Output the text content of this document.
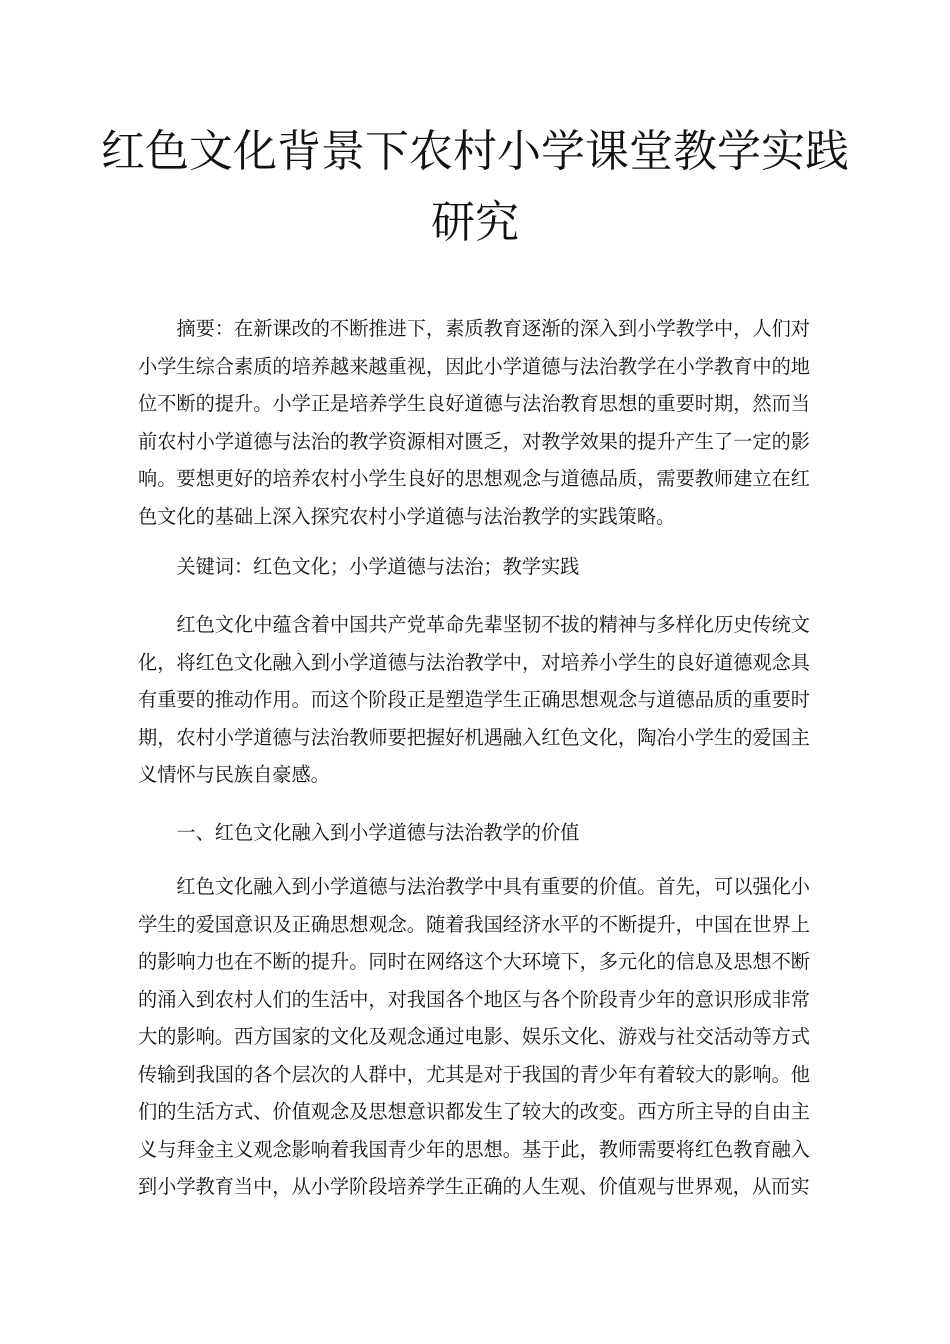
红色文化背景下农村小学课堂教学实践
研究

摘要：在新课改的不断推进下，素质教育逐渐的深入到小学教学中，人们对小学生综合素质的培养越来越重视，因此小学道德与法治教学在小学教育中的地位不断的提升。小学正是培养学生良好道德与法治教育思想的重要时期，然而当前农村小学道德与法治的教学资源相对匮乏，对教学效果的提升产生了一定的影响。要想更好的培养农村小学生良好的思想观念与道德品质，需要教师建立在红色文化的基础上深入探究农村小学道德与法治教学的实践策略。

关键词：红色文化；小学道德与法治；教学实践

红色文化中蕴含着中国共产党革命先辈坚韧不拔的精神与多样化历史传统文化，将红色文化融入到小学道德与法治教学中，对培养小学生的良好道德观念具有重要的推动作用。而这个阶段正是塑造学生正确思想观念与道德品质的重要时期，农村小学道德与法治教师要把握好机遇融入红色文化，陶冶小学生的爱国主义情怀与民族自豪感。

一、红色文化融入到小学道德与法治教学的价值

红色文化融入到小学道德与法治教学中具有重要的价值。首先，可以强化小学生的爱国意识及正确思想观念。随着我国经济水平的不断提升，中国在世界上的影响力也在不断的提升。同时在网络这个大环境下，多元化的信息及思想不断的涌入到农村人们的生活中，对我国各个地区与各个阶段青少年的意识形成非常大的影响。西方国家的文化及观念通过电影、娱乐文化、游戏与社交活动等方式传输到我国的各个层次的人群中，尤其是对于我国的青少年有着较大的影响。他们的生活方式、价值观念及思想意识都发生了较大的改变。西方所主导的自由主义与拜金主义观念影响着我国青少年的思想。基于此，教师需要将红色教育融入到小学教育当中，从小学阶段培养学生正确的人生观、价值观与世界观，从而实
